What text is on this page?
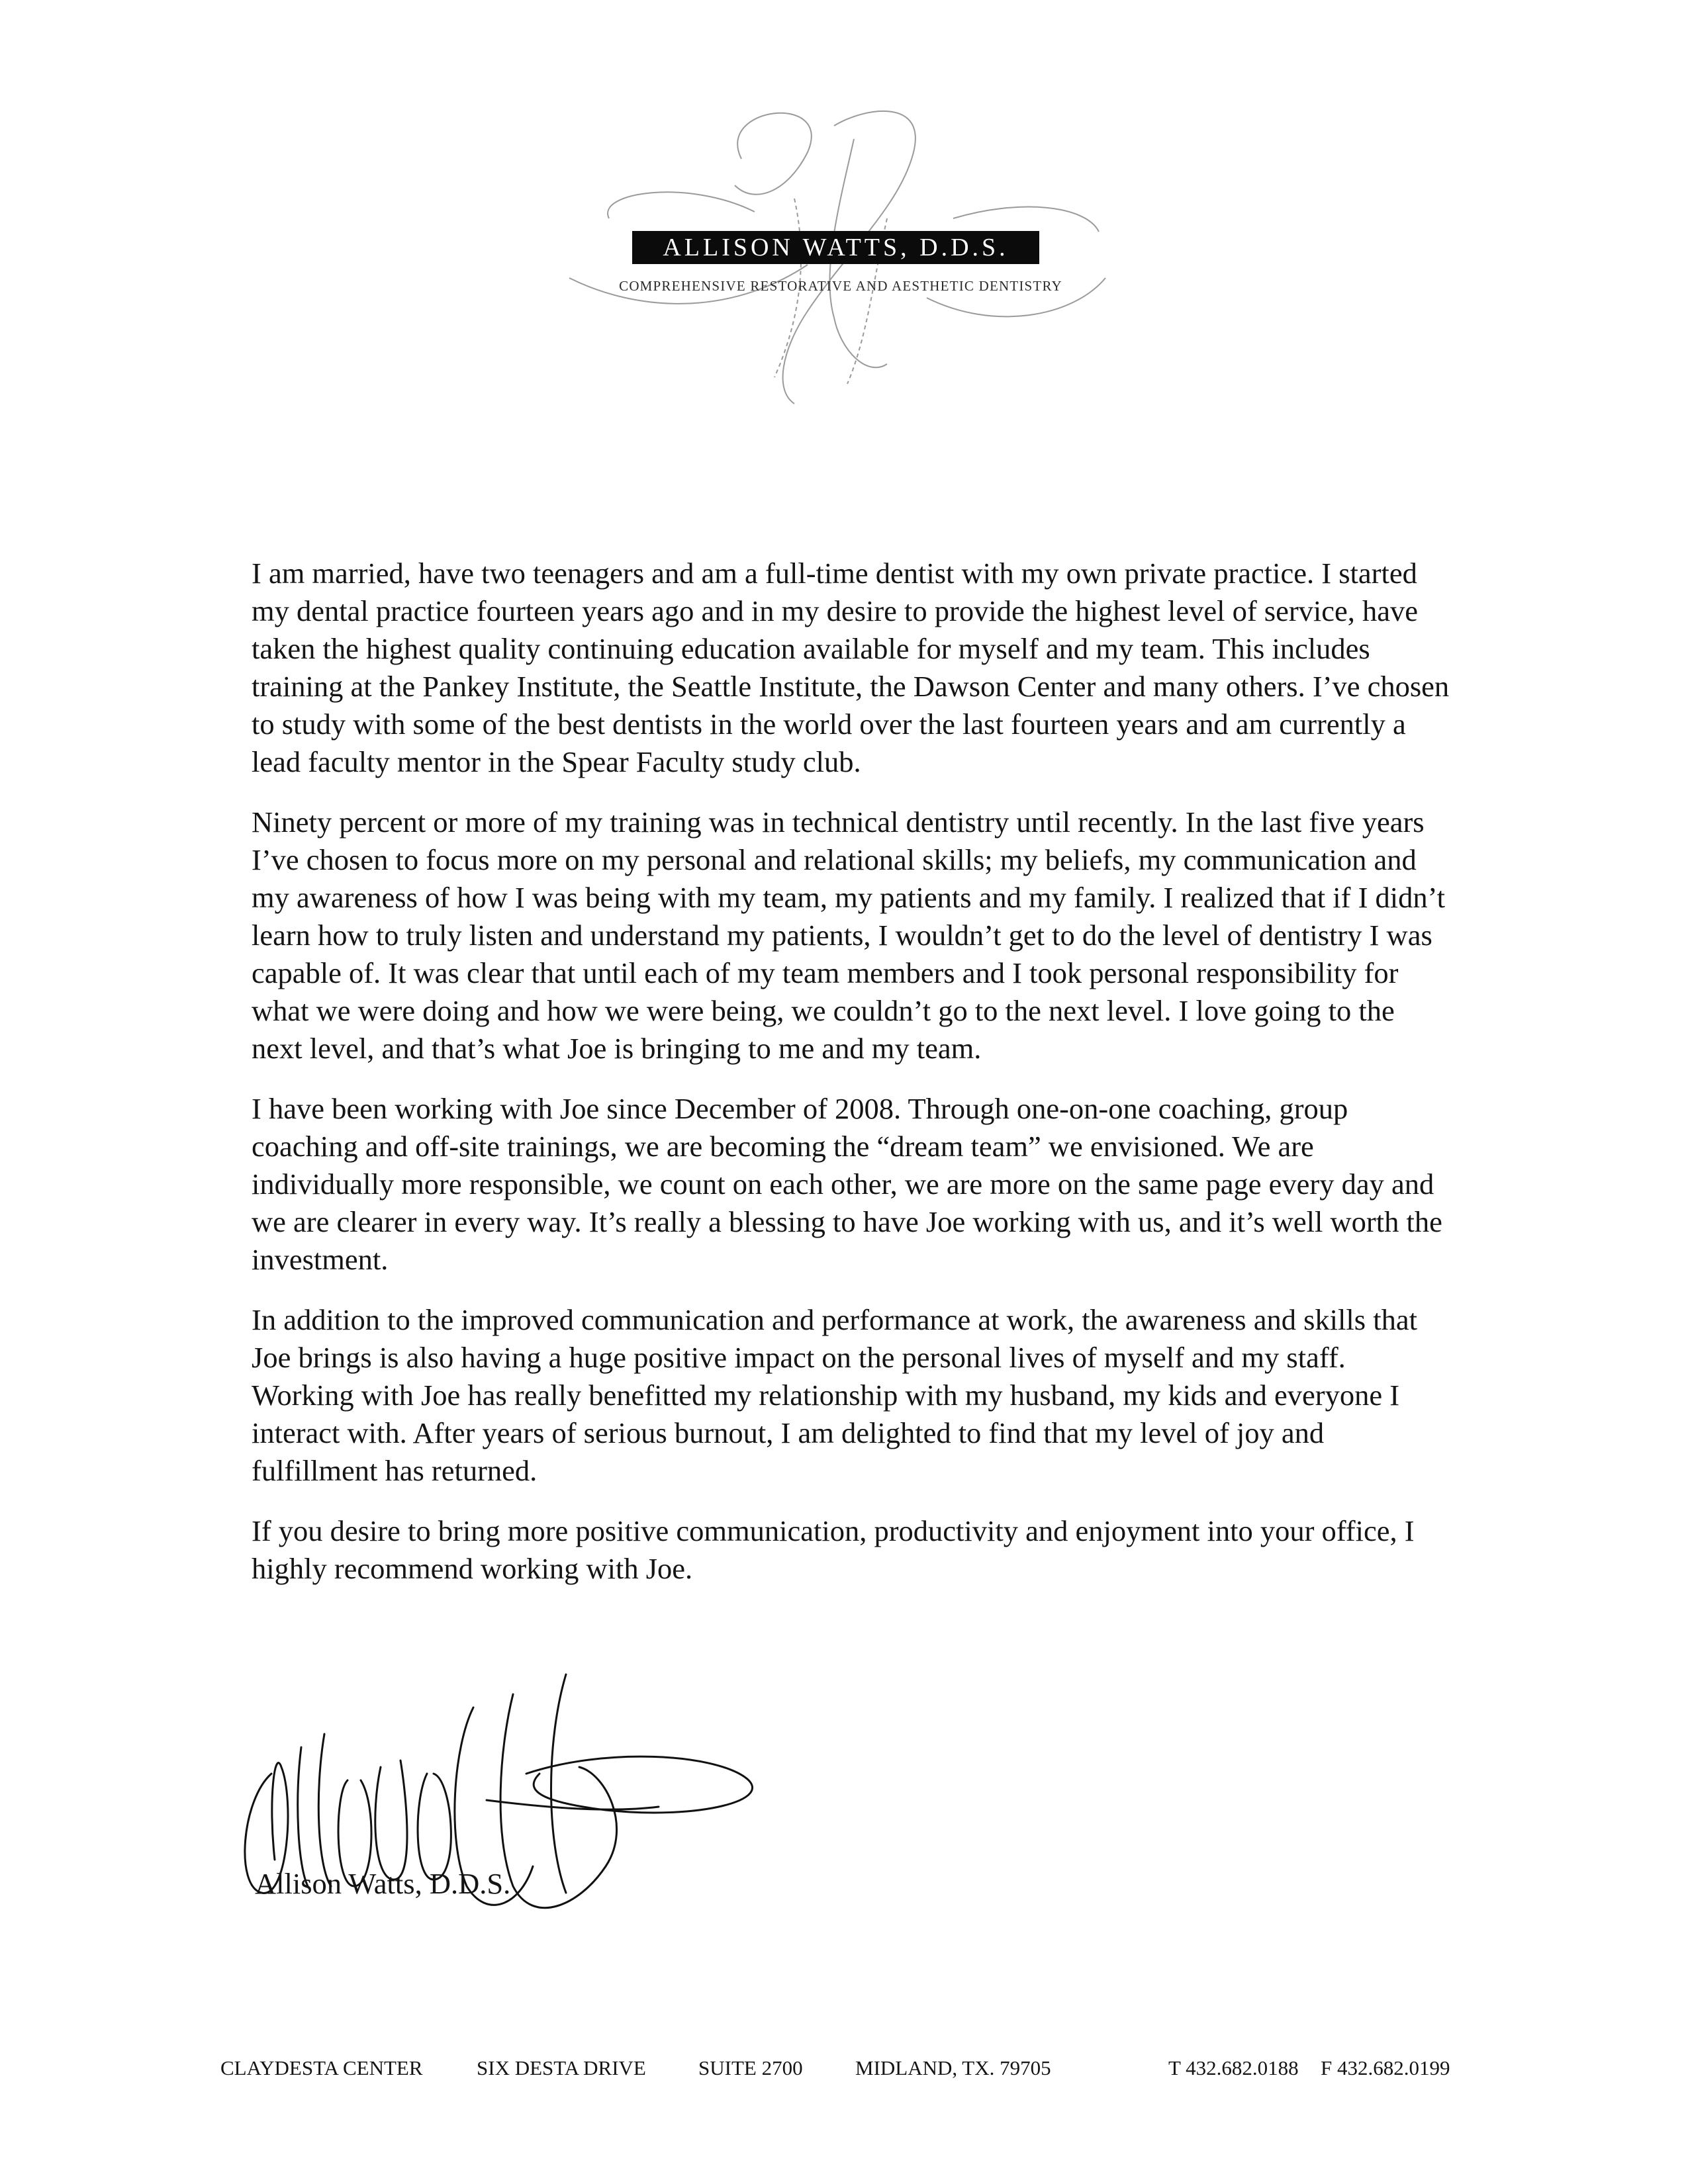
ALLISON WATTS, D.D.S.
COMPREHENSIVE RESTORATIVE AND AESTHETIC DENTISTRY

I am married, have two teenagers and am a full-time dentist with my own private practice. I started my dental practice fourteen years ago and in my desire to provide the highest level of service, have taken the highest quality continuing education available for myself and my team. This includes training at the Pankey Institute, the Seattle Institute, the Dawson Center and many others. I’ve chosen to study with some of the best dentists in the world over the last fourteen years and am currently a lead faculty mentor in the Spear Faculty study club.

Ninety percent or more of my training was in technical dentistry until recently. In the last five years I’ve chosen to focus more on my personal and relational skills; my beliefs, my communication and my awareness of how I was being with my team, my patients and my family. I realized that if I didn’t learn how to truly listen and understand my patients, I wouldn’t get to do the level of dentistry I was capable of. It was clear that until each of my team members and I took personal responsibility for what we were doing and how we were being, we couldn’t go to the next level. I love going to the next level, and that’s what Joe is bringing to me and my team.

I have been working with Joe since December of 2008. Through one-on-one coaching, group coaching and off-site trainings, we are becoming the “dream team” we envisioned. We are individually more responsible, we count on each other, we are more on the same page every day and we are clearer in every way. It’s really a blessing to have Joe working with us, and it’s well worth the investment.

In addition to the improved communication and performance at work, the awareness and skills that Joe brings is also having a huge positive impact on the personal lives of myself and my staff. Working with Joe has really benefitted my relationship with my husband, my kids and everyone I interact with. After years of serious burnout, I am delighted to find that my level of joy and fulfillment has returned.

If you desire to bring more positive communication, productivity and enjoyment into your office, I highly recommend working with Joe.

Allison Watts, D.D.S.
CLAYDESTA CENTER	SIX DESTA DRIVE	SUITE 2700	MIDLAND, TX. 79705	T 432.682.0188 F 432.682.0199
